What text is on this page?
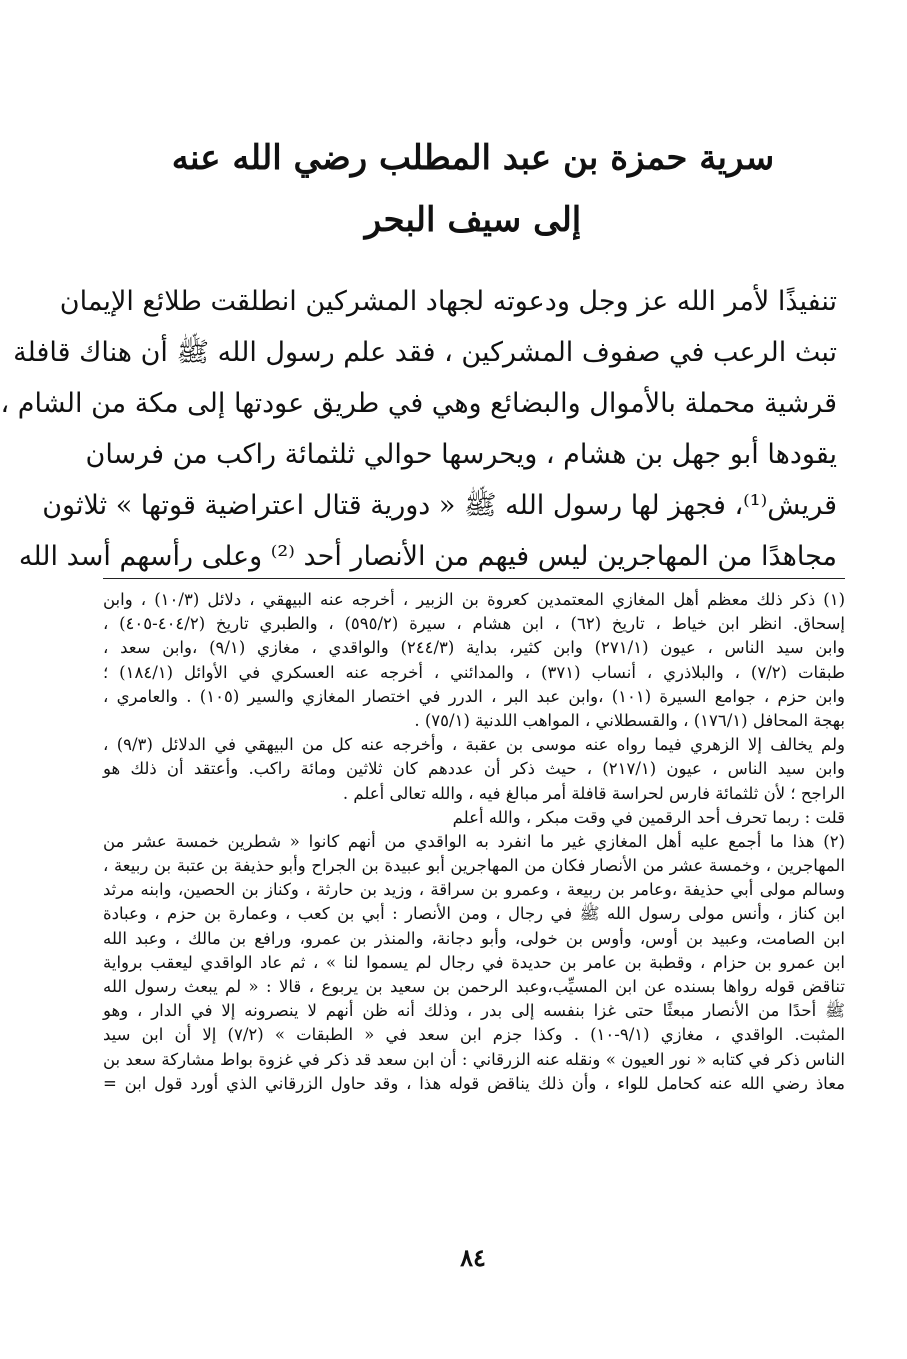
سرية حمزة بن عبد المطلب رضي الله عنه
إلى سيف البحر
تنفيذًا لأمر الله عز وجل ودعوته لجهاد المشركين انطلقت طلائع الإيمان
تبث الرعب في صفوف المشركين ، فقد علم رسول الله ﷺ أن هناك قافلة
قرشية محملة بالأموال والبضائع وهي في طريق عودتها إلى مكة من الشام ،
يقودها أبو جهل بن هشام ، ويحرسها حوالي ثلثمائة راكب من فرسان
قريش⁽¹⁾، فجهز لها رسول الله ﷺ « دورية قتال اعتراضية قوتها » ثلاثون
مجاهدًا من المهاجرين ليس فيهم من الأنصار أحد ⁽²⁾ وعلى رأسهم أسد الله
(١) ذكر ذلك معظم أهل المغازي المعتمدين كعروة بن الزبير ، أخرجه عنه البيهقي ، دلائل (١٠/٣) ، وابن
إسحاق. انظر ابن خياط ، تاريخ (٦٢) ، ابن هشام ، سيرة (٥٩٥/٢) ، والطبري تاريخ (٤٠٤/٢-٤٠٥) ،
وابن سيد الناس ، عيون (٢٧١/١) وابن كثير، بداية (٢٤٤/٣) والواقدي ، مغازي (٩/١) ،وابن سعد ،
طبقات (٧/٢) ، والبلاذري ، أنساب (٣٧١) ، والمدائني ، أخرجه عنه العسكري في الأوائل (١٨٤/١) ؛
وابن حزم ، جوامع السيرة (١٠١) ،وابن عبد البر ، الدرر في اختصار المغازي والسير (١٠٥) . والعامري ،
بهجة المحافل (١٧٦/١) ، والقسطلاني ، المواهب اللدنية (٧٥/١) .
ولم يخالف إلا الزهري فيما رواه عنه موسى بن عقبة ، وأخرجه عنه كل من البيهقي في الدلائل (٩/٣) ،
وابن سيد الناس ، عيون (٢١٧/١) ، حيث ذكر أن عددهم كان ثلاثين ومائة راكب. وأعتقد أن ذلك هو
الراجح ؛ لأن ثلثمائة فارس لحراسة قافلة أمر مبالغ فيه ، والله تعالى أعلم .
قلت : ربما تحرف أحد الرقمين في وقت مبكر ، والله أعلم
(٢) هذا ما أجمع عليه أهل المغازي غير ما انفرد به الواقدي من أنهم كانوا « شطرين خمسة عشر من
المهاجرين ، وخمسة عشر من الأنصار فكان من المهاجرين أبو عبيدة بن الجراح وأبو حذيفة بن عتبة بن ربيعة ،
وسالم مولى أبي حذيفة ،وعامر بن ربيعة ، وعمرو بن سراقة ، وزيد بن حارثة ، وكناز بن الحصين، وابنه مرثد
ابن كناز ، وأنس مولى رسول الله ﷺ في رجال ، ومن الأنصار : أبي بن كعب ، وعمارة بن حزم ، وعبادة
ابن الصامت، وعبيد بن أوس، وأوس بن خولى، وأبو دجانة، والمنذر بن عمرو، ورافع بن مالك ، وعبد الله
ابن عمرو بن حزام ، وقطبة بن عامر بن حديدة في رجال لم يسموا لنا » ، ثم عاد الواقدي ليعقب برواية
تناقض قوله رواها بسنده عن ابن المسيِّب،وعبد الرحمن بن سعيد بن يربوع ، قالا : « لم يبعث رسول الله
ﷺ أحدًا من الأنصار مبعثًا حتى غزا بنفسه إلى بدر ، وذلك أنه ظن أنهم لا ينصرونه إلا في الدار ، وهو
المثبت. الواقدي ، مغازي (٩/١-١٠) . وكذا جزم ابن سعد في « الطبقات » (٧/٢) إلا أن ابن سيد
الناس ذكر في كتابه « نور العيون » ونقله عنه الزرقاني : أن ابن سعد قد ذكر في غزوة بواط مشاركة سعد بن
معاذ رضي الله عنه كحامل للواء ، وأن ذلك يناقض قوله هذا ، وقد حاول الزرقاني الذي أورد قول ابن =
٨٤
